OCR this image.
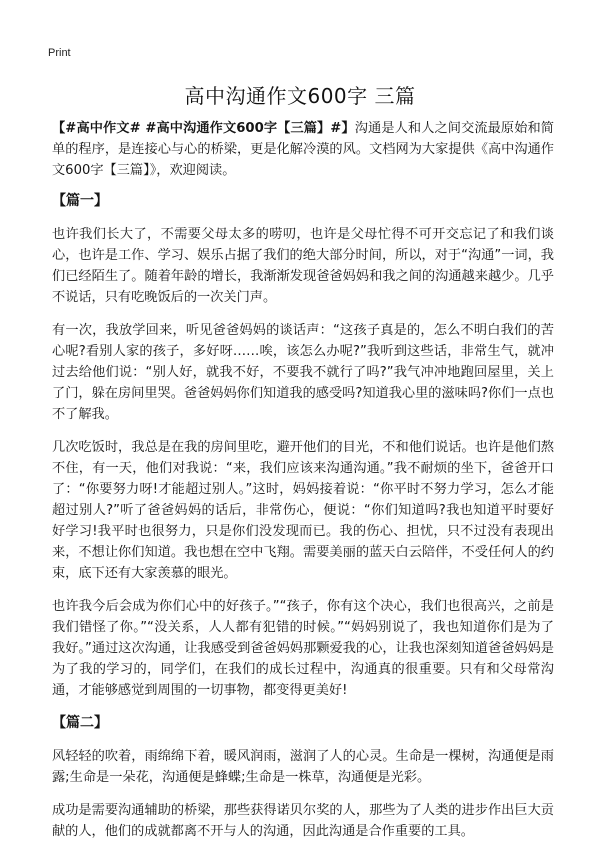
Print
高中沟通作文600字 三篇

【#高中作文# #高中沟通作文600字【三篇】#】沟通是人和人之间交流最原始和简单的程序，是连接心与心的桥梁，更是化解冷漠的风。文档网为大家提供《高中沟通作文600字【三篇】》，欢迎阅读。

【篇一】

也许我们长大了，不需要父母太多的唠叨，也许是父母忙得不可开交忘记了和我们谈心，也许是工作、学习、娱乐占据了我们的绝大部分时间，所以，对于“沟通”一词，我们已经陌生了。随着年龄的增长，我渐渐发现爸爸妈妈和我之间的沟通越来越少。几乎不说话，只有吃晚饭后的一次关门声。

有一次，我放学回来，听见爸爸妈妈的谈话声：“这孩子真是的，怎么不明白我们的苦心呢?看别人家的孩子，多好呀……唉，该怎么办呢?”我听到这些话，非常生气，就冲过去给他们说：“别人好，就我不好，不要我不就行了吗?”我气冲冲地跑回屋里，关上了门，躲在房间里哭。爸爸妈妈你们知道我的感受吗?知道我心里的滋味吗?你们一点也不了解我。

几次吃饭时，我总是在我的房间里吃，避开他们的目光，不和他们说话。也许是他们熬不住，有一天，他们对我说：“来，我们应该来沟通沟通。”我不耐烦的坐下，爸爸开口了：“你要努力呀!才能超过别人。”这时，妈妈接着说：“你平时不努力学习，怎么才能超过别人?”听了爸爸妈妈的话后，非常伤心，便说：“你们知道吗?我也知道平时要好好学习!我平时也很努力，只是你们没发现而已。我的伤心、担忧，只不过没有表现出来，不想让你们知道。我也想在空中飞翔。需要美丽的蓝天白云陪伴，不受任何人的约束，底下还有大家羡慕的眼光。

也许我今后会成为你们心中的好孩子。”“孩子，你有这个决心，我们也很高兴，之前是我们错怪了你。”“没关系，人人都有犯错的时候。”“妈妈别说了，我也知道你们是为了我好。”通过这次沟通，让我感受到爸爸妈妈那颗爱我的心，让我也深刻知道爸爸妈妈是为了我的学习的，同学们，在我们的成长过程中，沟通真的很重要。只有和父母常沟通，才能够感觉到周围的一切事物，都变得更美好!

【篇二】

风轻轻的吹着，雨绵绵下着，暖风润雨，滋润了人的心灵。生命是一棵树，沟通便是雨露;生命是一朵花，沟通便是蜂蝶;生命是一株草，沟通便是光彩。

成功是需要沟通辅助的桥梁，那些获得诺贝尔奖的人，那些为了人类的进步作出巨大贡献的人，他们的成就都离不开与人的沟通，因此沟通是合作重要的工具。
